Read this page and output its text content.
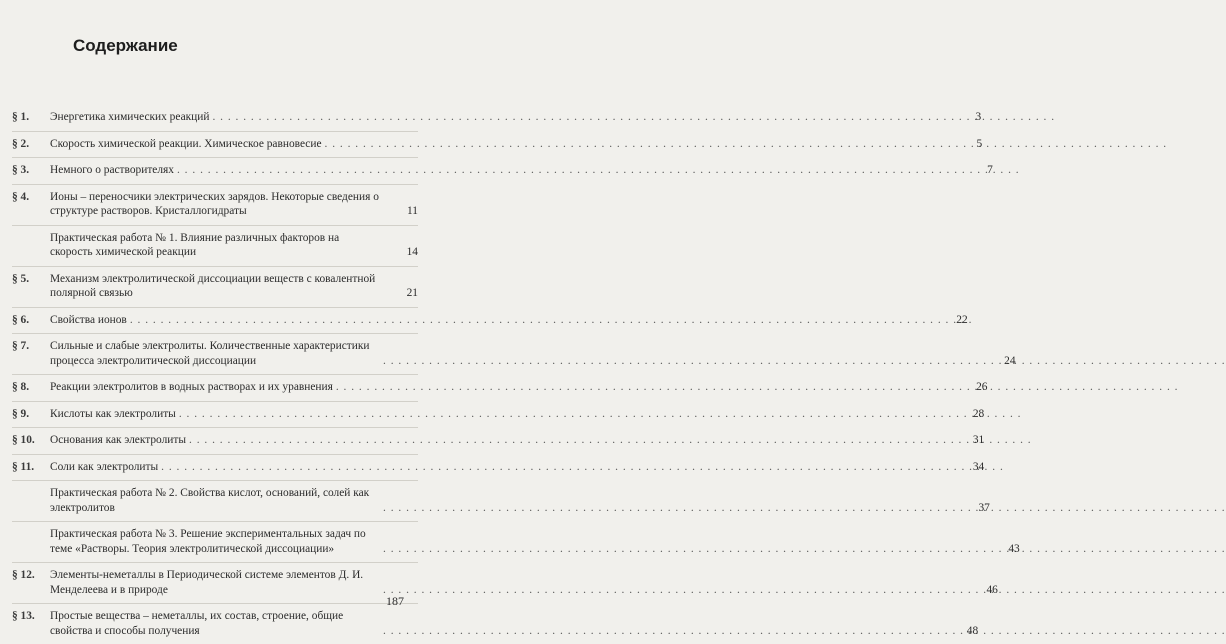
Содержание
§ 1.	Энергетика химических реакций . . .	3
§ 2.	Скорость химической реакции. Химическое равновесие . . .	5
§ 3.	Немного о растворителях . . .	7
§ 4.	Ионы – переносчики электрических зарядов. Некоторые сведения о структуре растворов. Кристаллогидраты	11
Практическая работа № 1. Влияние различных факторов на скорость химической реакции	14
§ 5.	Механизм электролитической диссоциации веществ с ковалентной полярной связью	21
§ 6.	Свойства ионов . . .	22
§ 7.	Сильные и слабые электролиты. Количественные характеристики процесса электролитической диссоциации . . .	24
§ 8.	Реакции электролитов в водных растворах и их уравнения . . .	26
§ 9.	Кислоты как электролиты . . .	28
§ 10.	Основания как электролиты . . .	31
§ 11.	Соли как электролиты . . .	34
Практическая работа № 2. Свойства кислот, оснований, солей как электролитов . . .	37
Практическая работа № 3. Решение экспериментальных задач по теме «Растворы. Теория электролитической диссоциации» . . .	43
§ 12.	Элементы-неметаллы в Периодической системе элементов Д. И. Менделеева и в природе . . .	46
§ 13.	Простые вещества – неметаллы, их состав, строение, общие свойства и способы получения . . .	48
187
